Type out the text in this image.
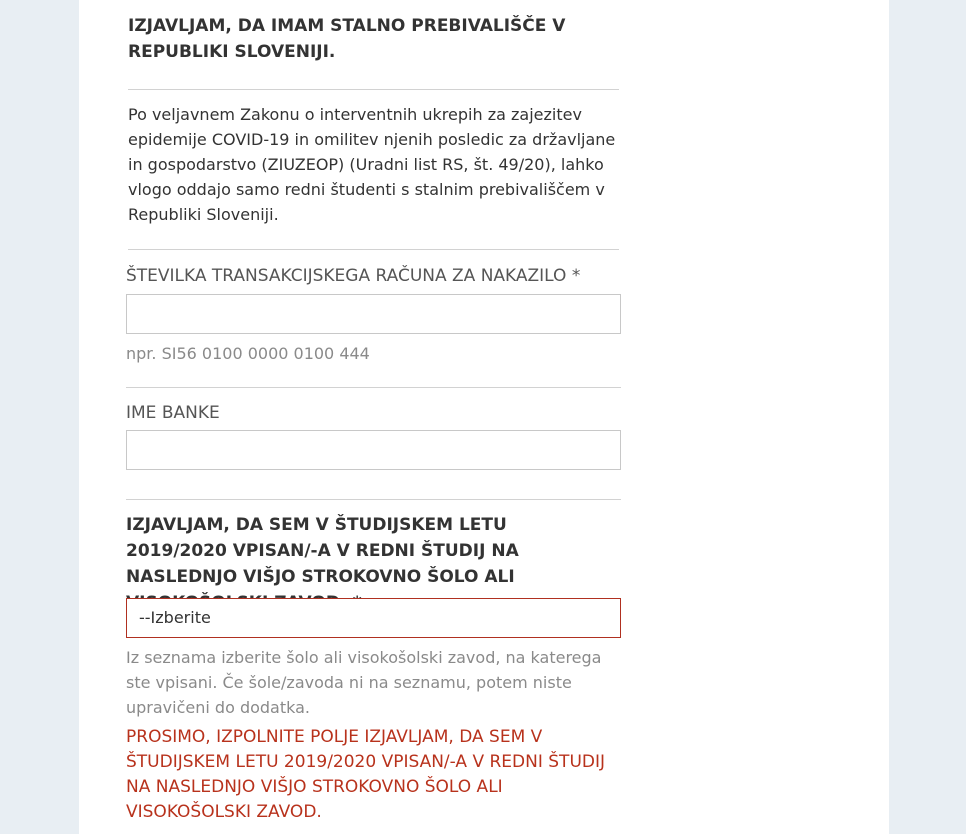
IZJAVLJAM, DA IMAM STALNO PREBIVALIŠČE V REPUBLIKI SLOVENIJI.

Po veljavnem Zakonu o interventnih ukrepih za zajezitev epidemije COVID-19 in omilitev njenih posledic za državljane in gospodarstvo (ZIUZEOP) (Uradni list RS, št. 49/20), lahko vlogo oddajo samo redni študenti s stalnim prebivališčem v Republiki Sloveniji.

ŠTEVILKA TRANSAKCIJSKEGA RAČUNA ZA NAKAZILO *

npr. SI56 0100 0000 0100 444

IME BANKE

IZJAVLJAM, DA SEM V ŠTUDIJSKEM LETU 2019/2020 VPISAN/-A V REDNI ŠTUDIJ NA NASLEDNJO VIŠJO STROKOVNO ŠOLO ALI

--Izberite

Iz seznama izberite šolo ali visokošolski zavod, na katerega ste vpisani. Če šole/zavoda ni na seznamu, potem niste upravičeni do dodatka.

PROSIMO, IZPOLNITE POLJE IZJAVLJAM, DA SEM V ŠTUDIJSKEM LETU 2019/2020 VPISAN/-A V REDNI ŠTUDIJ NA NASLEDNJO VIŠJO STROKOVNO ŠOLO ALI VISOKOŠOLSKI ZAVOD.
